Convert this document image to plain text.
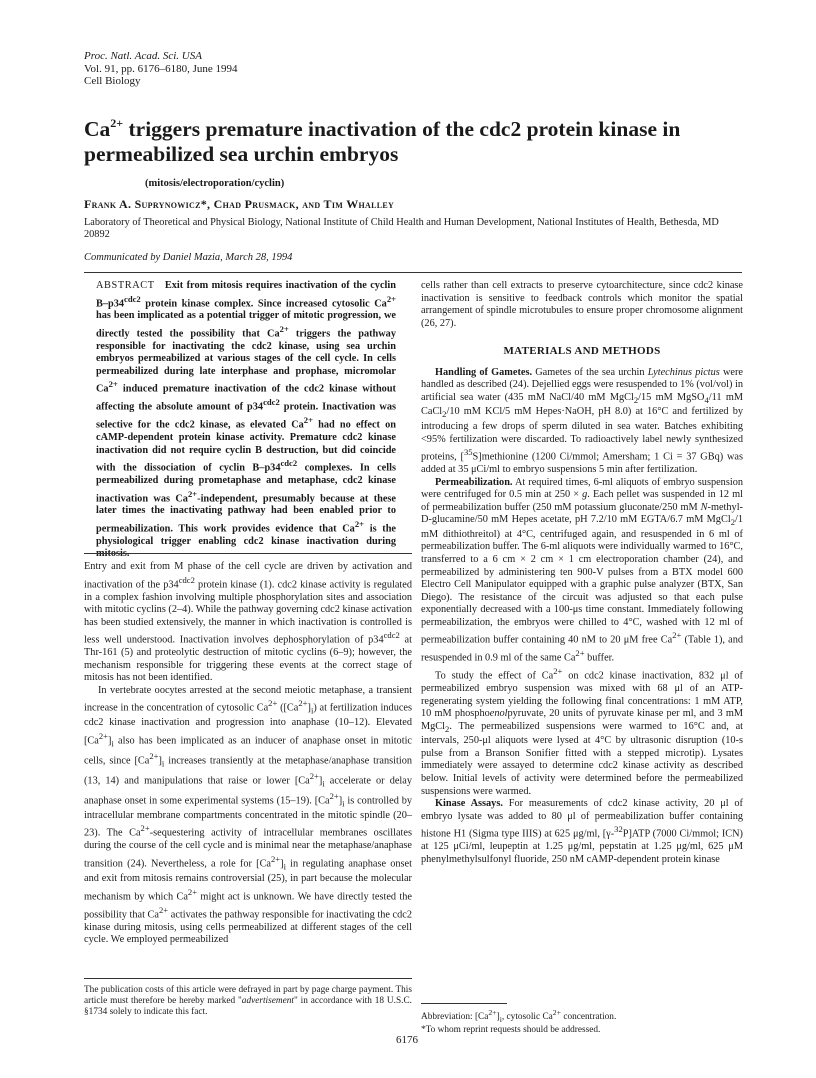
Proc. Natl. Acad. Sci. USA
Vol. 91, pp. 6176–6180, June 1994
Cell Biology
$Ca^{2+}$ triggers premature inactivation of the cdc2 protein kinase in permeabilized sea urchin embryos
(mitosis/electroporation/cyclin)
Frank A. Suprynowicz*, Chad Prusmack, and Tim Whalley
Laboratory of Theoretical and Physical Biology, National Institute of Child Health and Human Development, National Institutes of Health, Bethesda, MD 20892
Communicated by Daniel Mazia, March 28, 1994

ABSTRACT Exit from mitosis requires inactivation of the cyclin $B-p34^{cdc2}$ protein kinase complex. Since increased cytosolic $Ca^{2+}$ has been implicated as a potential trigger of mitotic progression, we directly tested the possibility that $Ca^{2+}$ triggers the pathway responsible for inactivating the cdc2 kinase, using sea urchin embryos permeabilized at various stages of the cell cycle. In cells permeabilized during late interphase and prophase, micromolar $Ca^{2+}$ induced premature inactivation of the cdc2 kinase without affecting the absolute amount of $p34^{cdc2}$ protein. Inactivation was selective for the cdc2 kinase, as elevated $Ca^{2+}$ had no effect on cAMP-dependent protein kinase activity. Premature cdc2 kinase inactivation did not require cyclin B destruction, but did coincide with the dissociation of cyclin $B-p34^{cdc2}$ complexes. In cells permeabilized during prometaphase and metaphase, cdc2 kinase inactivation was $Ca^{2+}$-independent, presumably because at these later times the inactivating pathway had been enabled prior to permeabilization. This work provides evidence that $Ca^{2+}$ is the physiological trigger enabling cdc2 kinase inactivation during mitosis.

Entry and exit from M phase of the cell cycle are driven by activation and inactivation of the $p34^{cdc2}$ protein kinase (1). cdc2 kinase activity is regulated in a complex fashion involving multiple phosphorylation sites and association with mitotic cyclins (2–4). While the pathway governing cdc2 kinase activation has been studied extensively, the manner in which inactivation is controlled is less well understood. Inactivation involves dephosphorylation of $p34^{cdc2}$ at Thr-161 (5) and proteolytic destruction of mitotic cyclins (6–9); however, the mechanism responsible for triggering these events at the correct stage of mitosis has not been identified.

In vertebrate oocytes arrested at the second meiotic metaphase, a transient increase in the concentration of cytosolic $Ca^{2+}$ $([Ca^{2+}]_i)$ at fertilization induces cdc2 kinase inactivation and progression into anaphase (10–12). Elevated $[Ca^{2+}]_i$ also has been implicated as an inducer of anaphase onset in mitotic cells, since $[Ca^{2+}]_i$ increases transiently at the metaphase/anaphase transition (13, 14) and manipulations that raise or lower $[Ca^{2+}]_i$ accelerate or delay anaphase onset in some experimental systems (15–19). $[Ca^{2+}]_i$ is controlled by intracellular membrane compartments concentrated in the mitotic spindle (20–23). The $Ca^{2+}$-sequestering activity of intracellular membranes oscillates during the course of the cell cycle and is minimal near the metaphase/anaphase transition (24). Nevertheless, a role for $[Ca^{2+}]_i$ in regulating anaphase onset and exit from mitosis remains controversial (25), in part because the molecular mechanism by which $Ca^{2+}$ might act is unknown. We have directly tested the possibility that $Ca^{2+}$ activates the pathway responsible for inactivating the cdc2 kinase during mitosis, using cells permeabilized at different stages of the cell cycle. We employed permeabilized

The publication costs of this article were defrayed in part by page charge payment. This article must therefore be hereby marked "advertisement" in accordance with 18 U.S.C. §1734 solely to indicate this fact.

cells rather than cell extracts to preserve cytoarchitecture, since cdc2 kinase inactivation is sensitive to feedback controls which monitor the spatial arrangement of spindle microtubules to ensure proper chromosome alignment (26, 27).

MATERIALS AND METHODS

Handling of Gametes. Gametes of the sea urchin Lytechinus pictus were handled as described (24). Dejellied eggs were resuspended to 1% (vol/vol) in artificial sea water (435 mM NaCl/40 mM MgCl$_2$/15 mM MgSO$_4$/11 mM CaCl$_2$/10 mM KCl/5 mM Hepes·NaOH, pH 8.0) at 16°C and fertilized by introducing a few drops of sperm diluted in sea water. Batches exhibiting <95% fertilization were discarded. To radioactively label newly synthesized proteins, [$^{35}$S]methionine (1200 Ci/mmol; Amersham; 1 Ci = 37 GBq) was added at 35 μCi/ml to embryo suspensions 5 min after fertilization.

Permeabilization. At required times, 6-ml aliquots of embryo suspension were centrifuged for 0.5 min at 250 × g. Each pellet was suspended in 12 ml of permeabilization buffer (250 mM potassium gluconate/250 mM N-methyl-D-glucamine/50 mM Hepes acetate, pH 7.2/10 mM EGTA/6.7 mM MgCl$_2$/1 mM dithiothreitol) at 4°C, centrifuged again, and resuspended in 6 ml of permeabilization buffer. The 6-ml aliquots were individually warmed to 16°C, transferred to a 6 cm × 2 cm × 1 cm electroporation chamber (24), and permeabilized by administering ten 900-V pulses from a BTX model 600 Electro Cell Manipulator equipped with a graphic pulse analyzer (BTX, San Diego). The resistance of the circuit was adjusted so that each pulse exponentially decreased with a 100-μs time constant. Immediately following permeabilization, the embryos were chilled to 4°C, washed with 12 ml of permeabilization buffer containing 40 nM to 20 μM free $Ca^{2+}$ (Table 1), and resuspended in 0.9 ml of the same $Ca^{2+}$ buffer.

To study the effect of $Ca^{2+}$ on cdc2 kinase inactivation, 832 μl of permeabilized embryo suspension was mixed with 68 μl of an ATP-regenerating system yielding the following final concentrations: 1 mM ATP, 10 mM phosphoenolpyruvate, 20 units of pyruvate kinase per ml, and 3 mM MgCl$_2$. The permeabilized suspensions were warmed to 16°C and, at intervals, 250-μl aliquots were lysed at 4°C by ultrasonic disruption (10-s pulse from a Branson Sonifier fitted with a stepped microtip). Lysates immediately were assayed to determine cdc2 kinase activity as described below. Initial levels of activity were determined before the permeabilized suspensions were warmed.

Kinase Assays. For measurements of cdc2 kinase activity, 20 μl of embryo lysate was added to 80 μl of permeabilization buffer containing histone H1 (Sigma type IIIS) at 625 μg/ml, [γ-$^{32}$P]ATP (7000 Ci/mmol; ICN) at 125 μCi/ml, leupeptin at 1.25 μg/ml, pepstatin at 1.25 μg/ml, 625 μM phenylmethylsulfonyl fluoride, 250 nM cAMP-dependent protein kinase

Abbreviation: $[Ca^{2+}]_i$, cytosolic $Ca^{2+}$ concentration.
*To whom reprint requests should be addressed.
6176
